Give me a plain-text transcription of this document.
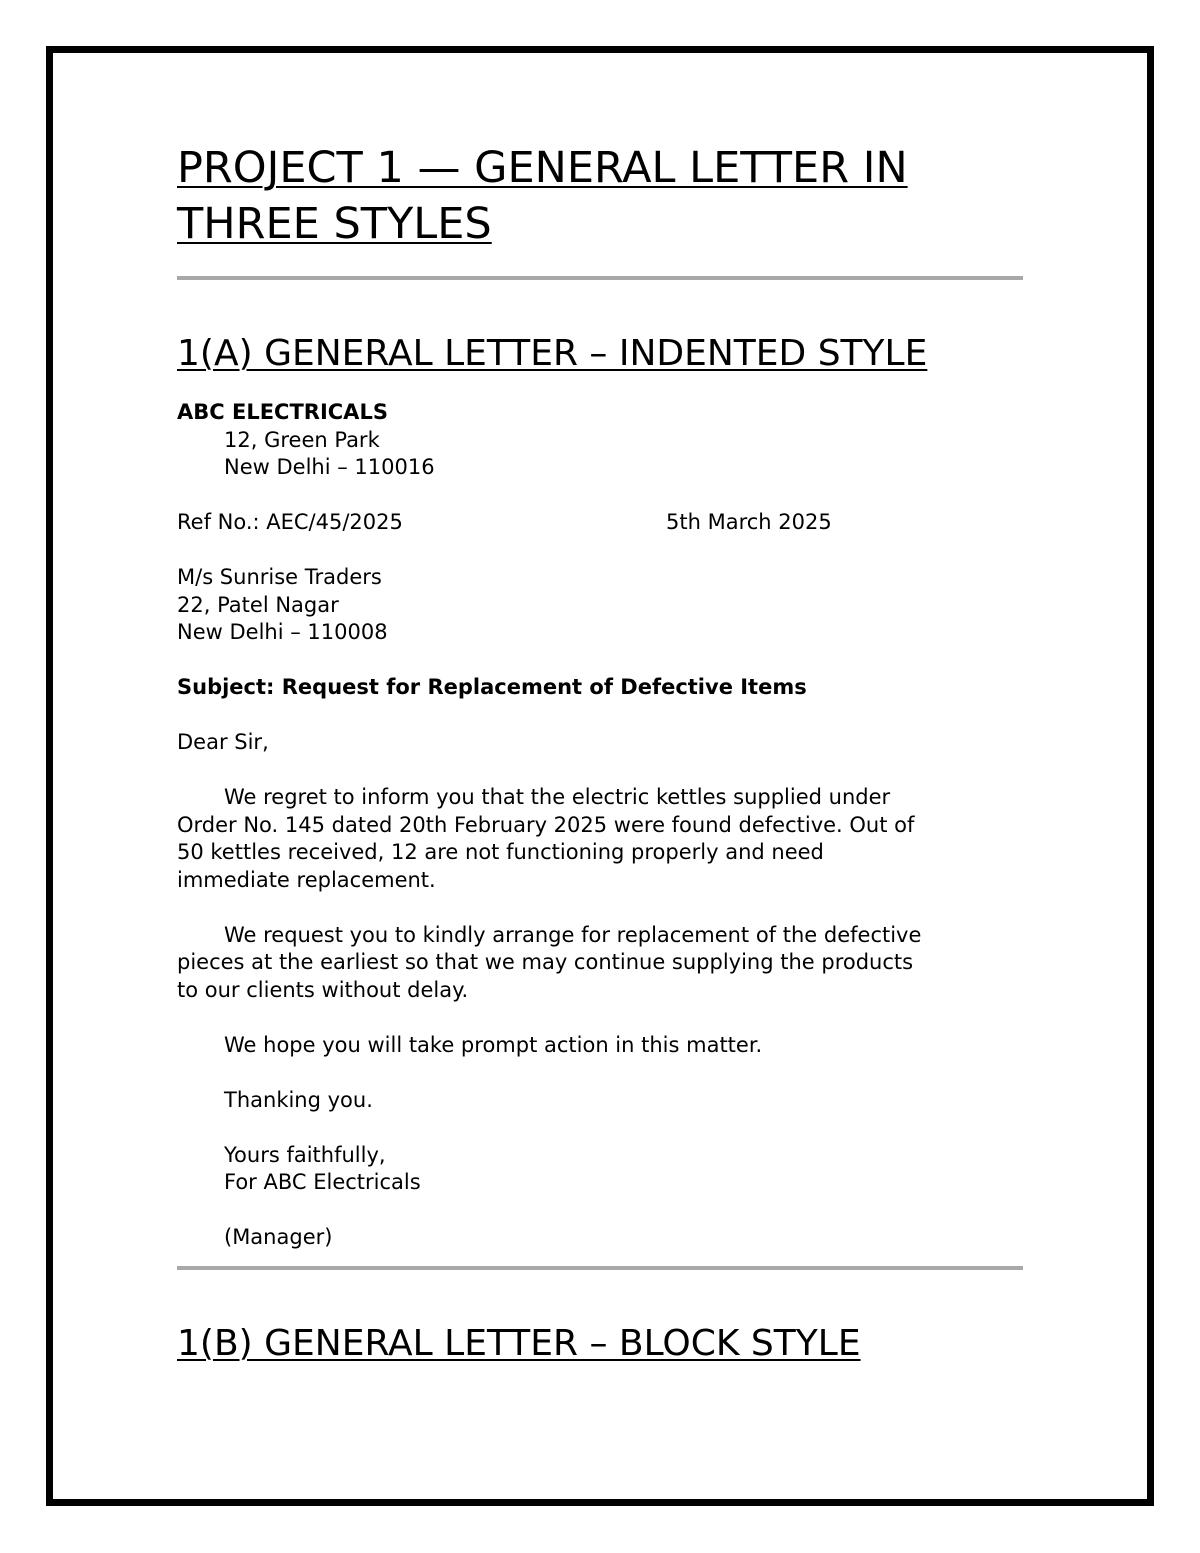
PROJECT 1 — GENERAL LETTER IN THREE STYLES
1(A) GENERAL LETTER – INDENTED STYLE
ABC ELECTRICALS
12, Green Park
New Delhi – 110016
Ref No.: AEC/45/2025	5th March 2025
M/s Sunrise Traders
22, Patel Nagar
New Delhi – 110008
Subject: Request for Replacement of Defective Items
Dear Sir,
We regret to inform you that the electric kettles supplied under
Order No. 145 dated 20th February 2025 were found defective. Out of
50 kettles received, 12 are not functioning properly and need
immediate replacement.
We request you to kindly arrange for replacement of the defective
pieces at the earliest so that we may continue supplying the products
to our clients without delay.
We hope you will take prompt action in this matter.
Thanking you.
Yours faithfully,
For ABC Electricals
(Manager)
1(B) GENERAL LETTER – BLOCK STYLE
